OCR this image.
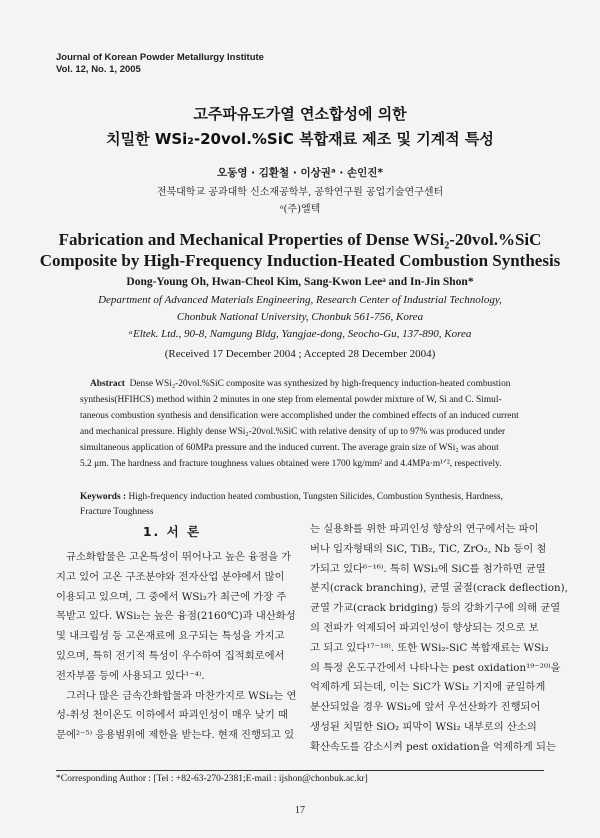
Journal of Korean Powder Metallurgy Institute
Vol. 12, No. 1, 2005
고주파유도가열 연소합성에 의한
치밀한 WSi₂-20vol.%SiC 복합재료 제조 및 기계적 특성
오동영 · 김환철 · 이상권ᵃ · 손인진*
전북대학교 공과대학 신소재공학부, 공학연구원 공업기술연구센터
ᵃ(주)엘텍
Fabrication and Mechanical Properties of Dense WSi₂-20vol.%SiC
Composite by High-Frequency Induction-Heated Combustion Synthesis
Dong-Young Oh, Hwan-Cheol Kim, Sang-Kwon Leeᵃ and In-Jin Shon*
Department of Advanced Materials Engineering, Research Center of Industrial Technology,
Chonbuk National University, Chonbuk 561-756, Korea
ᵃEltek. Ltd., 90-8, Namgung Bldg, Yangjae-dong, Seocho-Gu, 137-890, Korea
(Received 17 December 2004 ; Accepted 28 December 2004)
Abstract Dense WSi₂-20vol.%SiC composite was synthesized by high-frequency induction-heated combustion
synthesis(HFIHCS) method within 2 minutes in one step from elemental powder mixture of W, Si and C. Simul-
taneous combustion synthesis and densification were accomplished under the combined effects of an induced current
and mechanical pressure. Highly dense WSi₂-20vol.%SiC with relative density of up to 97% was produced under
simultaneous application of 60MPa pressure and the induced current. The average grain size of WSi₂ was about
5.2 μm. The hardness and fracture toughness values obtained were 1700 kg/mm² and 4.4MPa·m¹ᐟ², respectively.
Keywords : High-frequency induction heated combustion, Tungsten Silicides, Combustion Synthesis, Hardness,
Fracture Toughness
1. 서 론
규소화합물은 고온특성이 뛰어나고 높은 융점을 가
지고 있어 고온 구조분야와 전자산업 분야에서 많이
이용되고 있으며, 그 중에서 WSi₂가 최근에 가장 주
목받고 있다. WSi₂는 높은 융점(2160℃)과 내산화성
및 내크립성 등 고온재료에 요구되는 특성을 가지고
있으며, 특히 전기적 특성이 우수하여 집적회로에서
전자부품 등에 사용되고 있다¹⁻⁴⁾.
그러나 많은 금속간화합물과 마찬가지로 WSi₂는 연
성-취성 천이온도 이하에서 파괴인성이 매우 낮기 때
문에²⁻⁵⁾ 응용범위에 제한을 받는다. 현재 진행되고 있
는 실용화를 위한 파괴인성 향상의 연구에서는 파이
버나 입자형태의 SiC, TiB₂, TiC, ZrO₂, Nb 등이 첨
가되고 있다⁶⁻¹⁶⁾. 특히 WSi₂에 SiC를 첨가하면 균열
분지(crack branching), 균열 굴절(crack deflection),
균열 가교(crack bridging) 등의 강화기구에 의해 균열
의 전파가 억제되어 파괴인성이 향상되는 것으로 보
고 되고 있다¹⁷⁻¹⁸⁾. 또한 WSi₂-SiC 복합재료는 WSi₂
의 특정 온도구간에서 나타나는 pest oxidation¹⁹⁻²⁰⁾을
억제하게 되는데, 이는 SiC가 WSi₂ 기지에 균일하게
분산되었을 경우 WSi₂에 앞서 우선산화가 진행되어
생성된 치밀한 SiO₂ 피막이 WSi₂ 내부로의 산소의
확산속도를 감소시켜 pest oxidation을 억제하게 되는
*Corresponding Author : [Tel : +82-63-270-2381;E-mail : ijshon@chonbuk.ac.kr]
17
